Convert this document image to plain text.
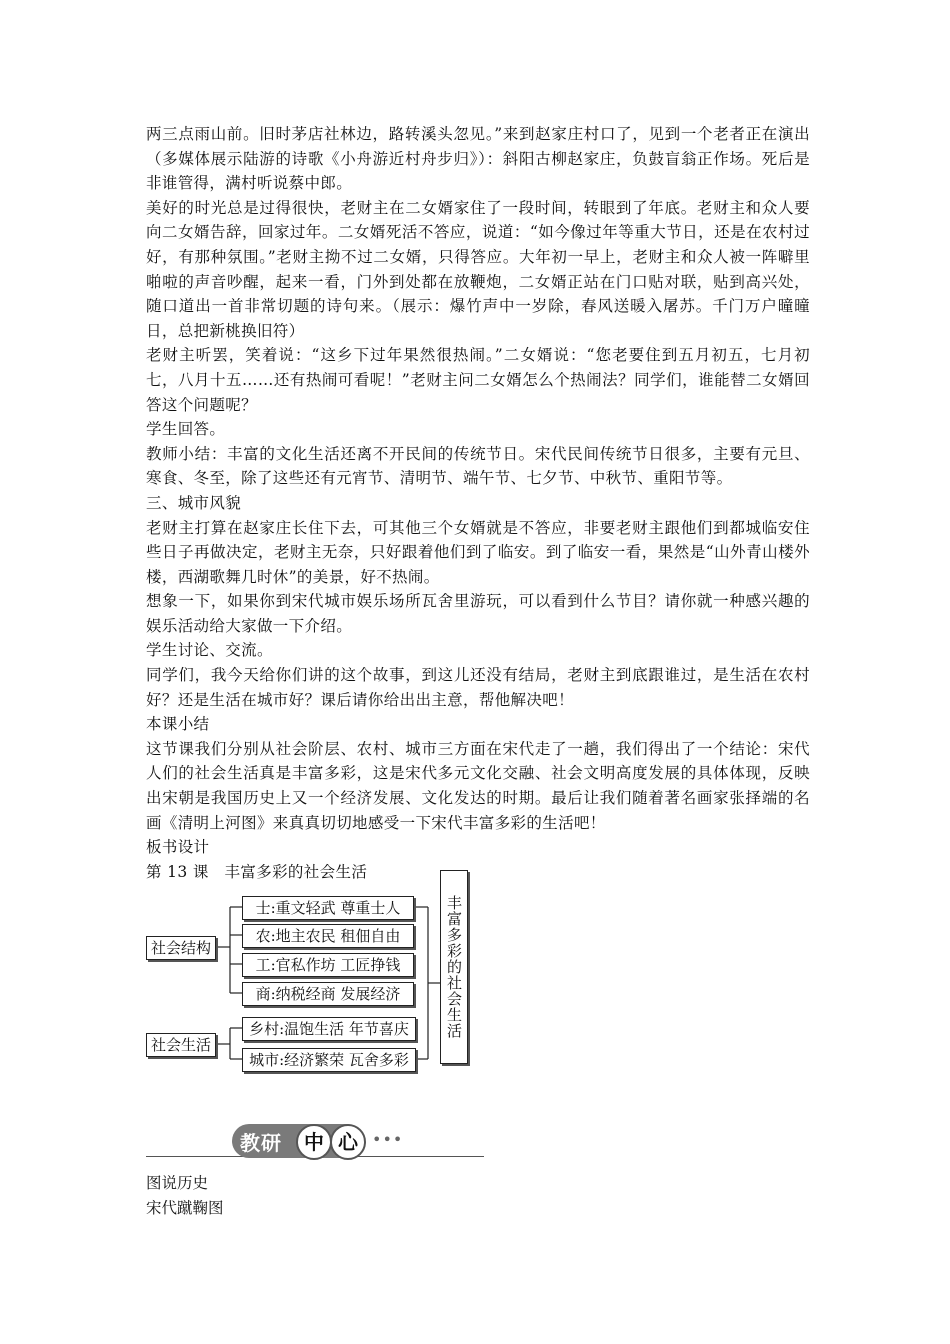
两三点雨山前。旧时茅店社林边，路转溪头忽见。”来到赵家庄村口了，见到一个老者正在演出（多媒体展示陆游的诗歌《小舟游近村舟步归》）：斜阳古柳赵家庄，负鼓盲翁正作场。死后是非谁管得，满村听说蔡中郎。

美好的时光总是过得很快，老财主在二女婿家住了一段时间，转眼到了年底。老财主和众人要向二女婿告辞，回家过年。二女婿死活不答应，说道：“如今像过年等重大节日，还是在农村过好，有那种氛围。”老财主拗不过二女婿，只得答应。大年初一早上，老财主和众人被一阵噼里啪啦的声音吵醒，起来一看，门外到处都在放鞭炮，二女婿正站在门口贴对联，贴到高兴处，随口道出一首非常切题的诗句来。（展示：爆竹声中一岁除，春风送暖入屠苏。千门万户曈曈日，总把新桃换旧符）

老财主听罢，笑着说：“这乡下过年果然很热闹。”二女婿说：“您老要住到五月初五，七月初七，八月十五……还有热闹可看呢！”老财主问二女婿怎么个热闹法？同学们，谁能替二女婿回答这个问题呢？

学生回答。

教师小结：丰富的文化生活还离不开民间的传统节日。宋代民间传统节日很多，主要有元旦、寒食、冬至，除了这些还有元宵节、清明节、端午节、七夕节、中秋节、重阳节等。

三、城市风貌

老财主打算在赵家庄长住下去，可其他三个女婿就是不答应，非要老财主跟他们到都城临安住些日子再做决定，老财主无奈，只好跟着他们到了临安。到了临安一看，果然是“山外青山楼外楼，西湖歌舞几时休”的美景，好不热闹。

想象一下，如果你到宋代城市娱乐场所瓦舍里游玩，可以看到什么节目？请你就一种感兴趣的娱乐活动给大家做一下介绍。

学生讨论、交流。

同学们，我今天给你们讲的这个故事，到这儿还没有结局，老财主到底跟谁过，是生活在农村好？还是生活在城市好？课后请你给出出主意，帮他解决吧！

本课小结

这节课我们分别从社会阶层、农村、城市三方面在宋代走了一趟，我们得出了一个结论：宋代人们的社会生活真是丰富多彩，这是宋代多元文化交融、社会文明高度发展的具体体现，反映出宋朝是我国历史上又一个经济发展、文化发达的时期。最后让我们随着著名画家张择端的名画《清明上河图》来真真切切地感受一下宋代丰富多彩的生活吧！

板书设计

第 13 课　丰富多彩的社会生活

社会结构
社会生活
士:重文轻武 尊重士人
农:地主农民 租佃自由
工:官私作坊 工匠挣钱
商:纳税经商 发展经济
乡村:温饱生活 年节喜庆
城市:经济繁荣 瓦舍多彩
丰富多彩的社会生活
教研	中 心 •••

图说历史

宋代蹴鞠图
